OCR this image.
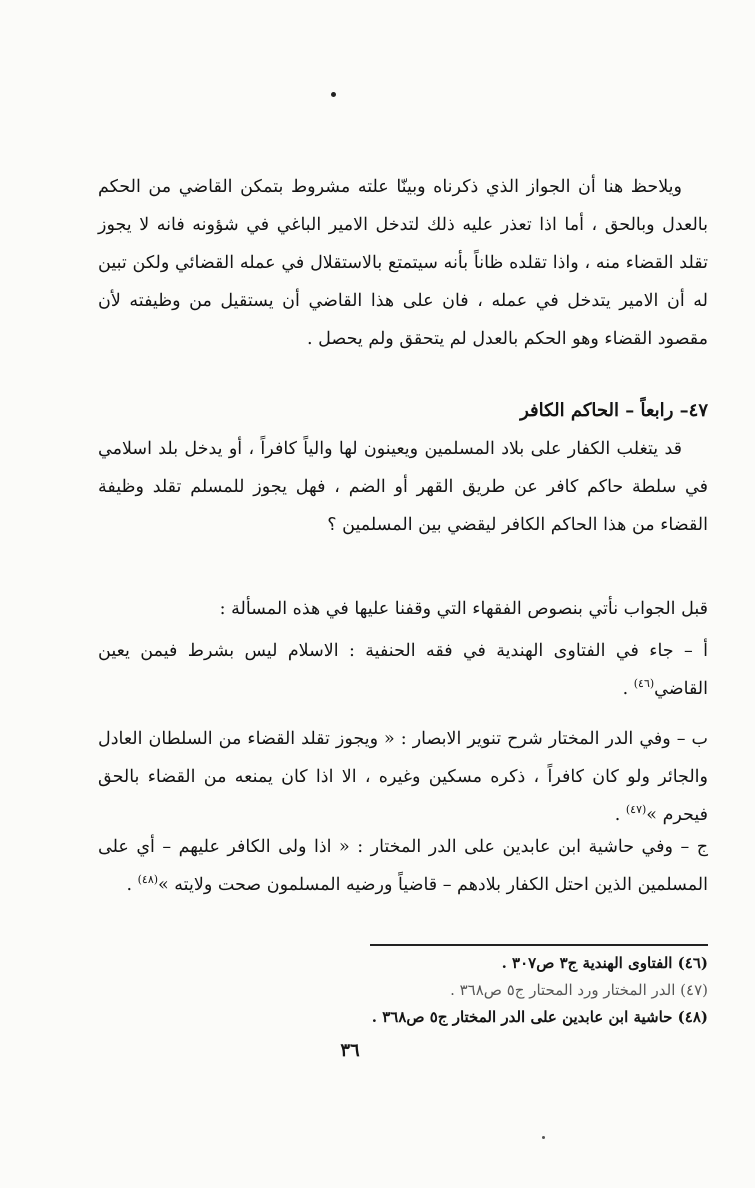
ويلاحظ هنا أن الجواز الذي ذكرناه وبينّا علته مشروط بتمكن القاضي من الحكم بالعدل وبالحق ، أما اذا تعذر عليه ذلك لتدخل الامير الباغي في شؤونه فانه لا يجوز تقلد القضاء منه ، واذا تقلده ظاناً بأنه سيتمتع بالاستقلال في عمله القضائي ولكن تبين له أن الامير يتدخل في عمله ، فان على هذا القاضي أن يستقيل من وظيفته لأن مقصود القضاء وهو الحكم بالعدل لم يتحقق ولم يحصل .

٤٧– رابعاً – الحاكم الكافر

قد يتغلب الكفار على بلاد المسلمين ويعينون لها والياً كافراً ، أو يدخل بلد اسلامي في سلطة حاكم كافر عن طريق القهر أو الضم ، فهل يجوز للمسلم تقلد وظيفة القضاء من هذا الحاكم الكافر ليقضي بين المسلمين ؟

قبل الجواب نأتي بنصوص الفقهاء التي وقفنا عليها في هذه المسألة :

أ – جاء في الفتاوى الهندية في فقه الحنفية : الاسلام ليس بشرط فيمن يعين القاضي$^{(٤٦)}$ .

ب – وفي الدر المختار شرح تنوير الابصار : « ويجوز تقلد القضاء من السلطان العادل والجائر ولو كان كافراً ، ذكره مسكين وغيره ، الا اذا كان يمنعه من القضاء بالحق فيحرم »$^{(٤٧)}$ .

ج – وفي حاشية ابن عابدين على الدر المختار : « اذا ولى الكافر عليهم – أي على المسلمين الذين احتل الكفار بلادهم – قاضياً ورضيه المسلمون صحت ولايته »$^{(٤٨)}$ .

(٤٦) الفتاوى الهندية ج٣ ص٣٠٧ .

(٤٧) الدر المختار ورد المحتار ج٥ ص٣٦٨ .

(٤٨) حاشية ابن عابدين على الدر المختار ج٥ ص٣٦٨ .

٣٦
